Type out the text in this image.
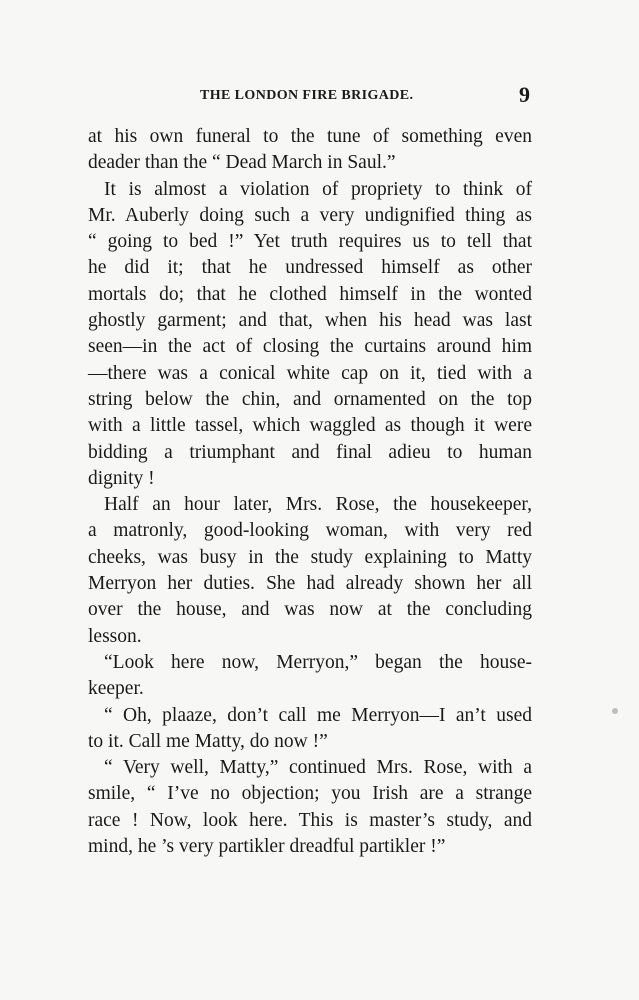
THE LONDON FIRE BRIGADE.	9
at his own funeral to the tune of something even
deader than the “ Dead March in Saul.”
It is almost a violation of propriety to think of
Mr. Auberly doing such a very undignified thing as
“ going to bed !” Yet truth requires us to tell that
he did it; that he undressed himself as other
mortals do; that he clothed himself in the wonted
ghostly garment; and that, when his head was last
seen—in the act of closing the curtains around him
—there was a conical white cap on it, tied with a
string below the chin, and ornamented on the top
with a little tassel, which waggled as though it were
bidding a triumphant and final adieu to human
dignity !
Half an hour later, Mrs. Rose, the housekeeper,
a matronly, good-looking woman, with very red
cheeks, was busy in the study explaining to Matty
Merryon her duties. She had already shown her all
over the house, and was now at the concluding
lesson.
“Look here now, Merryon,” began the house-
keeper.
“ Oh, plaaze, don’t call me Merryon—I an’t used
to it. Call me Matty, do now !”
“ Very well, Matty,” continued Mrs. Rose, with a
smile, “ I’ve no objection; you Irish are a strange
race ! Now, look here. This is master’s study, and
mind, he ’s very partikler dreadful partikler !”
